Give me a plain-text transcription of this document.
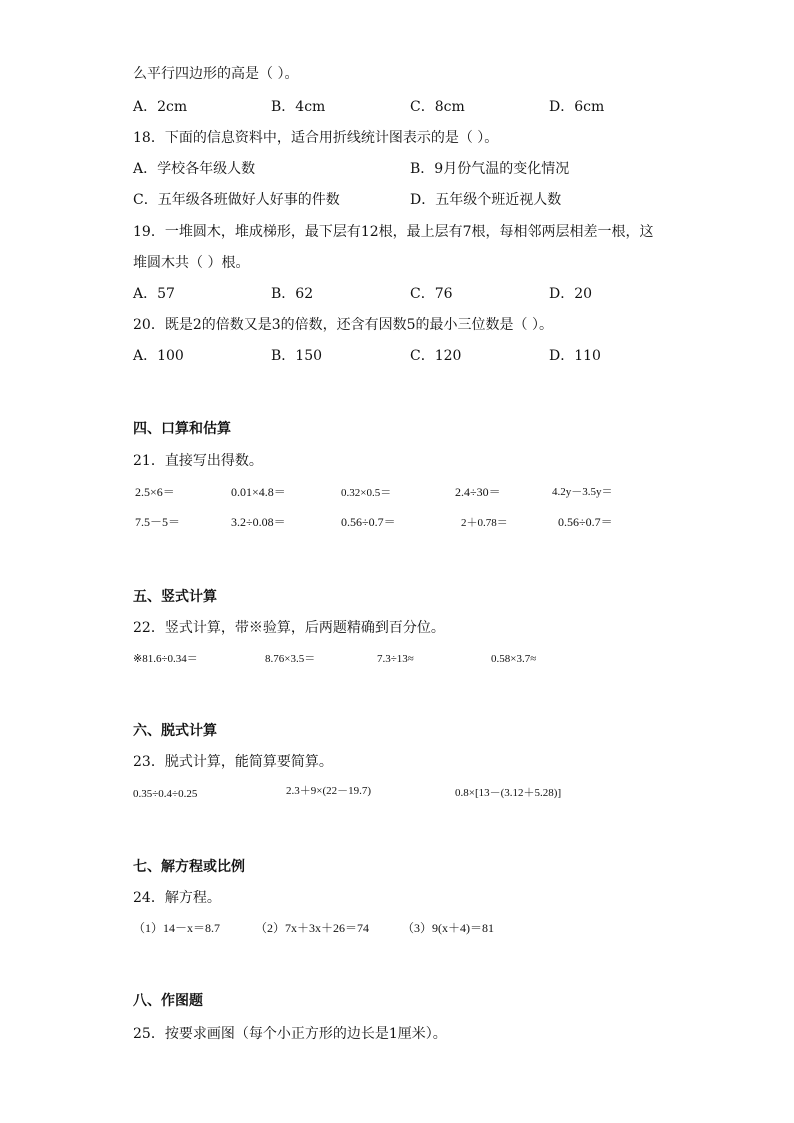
么平行四边形的高是（ ）。
A．2cm	B．4cm	C．8cm	D．6cm
18．下面的信息资料中，适合用折线统计图表示的是（ ）。
A．学校各年级人数	B．9月份气温的变化情况
C．五年级各班做好人好事的件数	D．五年级个班近视人数
19．一堆圆木，堆成梯形，最下层有12根，最上层有7根，每相邻两层相差一根，这
堆圆木共（ ）根。
A．57	B．62	C．76	D．20
20．既是2的倍数又是3的倍数，还含有因数5的最小三位数是（ ）。
A．100	B．150	C．120	D．110
四、口算和估算
21．直接写出得数。
2.5×6＝	0.01×4.8＝	0.32×0.5＝	2.4÷30＝	4.2y－3.5y＝
7.5－5＝	3.2÷0.08＝	0.56÷0.7＝	2＋0.78＝	0.56÷0.7＝
五、竖式计算
22．竖式计算，带※验算，后两题精确到百分位。
※81.6÷0.34＝	8.76×3.5＝	7.3÷13≈	0.58×3.7≈
六、脱式计算
23．脱式计算，能简算要简算。
0.35÷0.4÷0.25	2.3＋9×(22－19.7)	0.8×[13－(3.12＋5.28)]
七、解方程或比例
24．解方程。
（1）14－x＝8.7	（2）7x＋3x＋26＝74	（3）9(x＋4)＝81
八、作图题
25．按要求画图（每个小正方形的边长是1厘米）。
